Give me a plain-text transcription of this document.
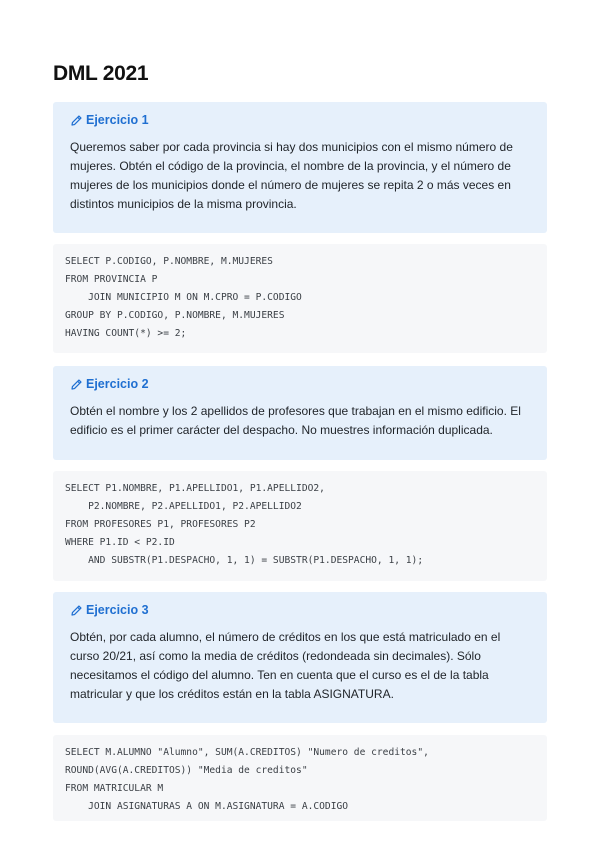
DML 2021
Ejercicio 1
Queremos saber por cada provincia si hay dos municipios con el mismo número de mujeres. Obtén el código de la provincia, el nombre de la provincia, y el número de mujeres de los municipios donde el número de mujeres se repita 2 o más veces en distintos municipios de la misma provincia.
SELECT P.CODIGO, P.NOMBRE, M.MUJERES
FROM PROVINCIA P
JOIN MUNICIPIO M ON M.CPRO = P.CODIGO
GROUP BY P.CODIGO, P.NOMBRE, M.MUJERES
HAVING COUNT(*) >= 2;
Ejercicio 2
Obtén el nombre y los 2 apellidos de profesores que trabajan en el mismo edificio. El edificio es el primer carácter del despacho. No muestres información duplicada.
SELECT P1.NOMBRE, P1.APELLIDO1, P1.APELLIDO2,
P2.NOMBRE, P2.APELLIDO1, P2.APELLIDO2
FROM PROFESORES P1, PROFESORES P2
WHERE P1.ID < P2.ID
AND SUBSTR(P1.DESPACHO, 1, 1) = SUBSTR(P1.DESPACHO, 1, 1);
Ejercicio 3
Obtén, por cada alumno, el número de créditos en los que está matriculado en el curso 20/21, así como la media de créditos (redondeada sin decimales). Sólo necesitamos el código del alumno. Ten en cuenta que el curso es el de la tabla matricular y que los créditos están en la tabla ASIGNATURA.
SELECT M.ALUMNO "Alumno", SUM(A.CREDITOS) "Numero de creditos",
ROUND(AVG(A.CREDITOS)) "Media de creditos"
FROM MATRICULAR M
JOIN ASIGNATURAS A ON M.ASIGNATURA = A.CODIGO
